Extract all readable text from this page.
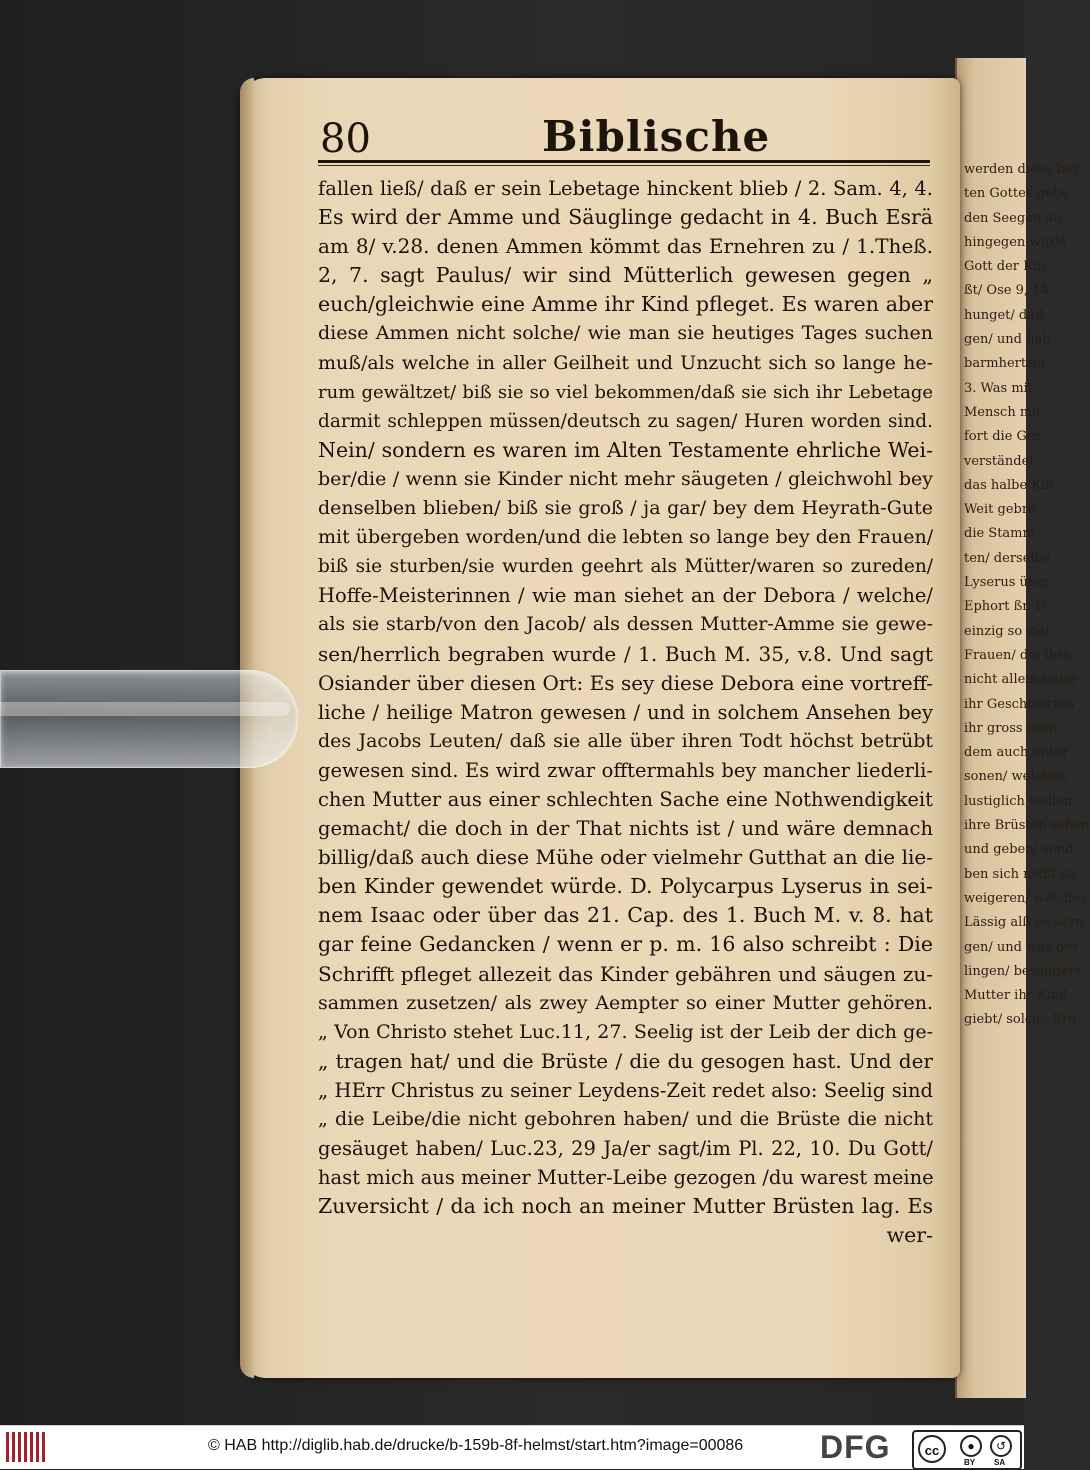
werden diese bey
ten Gottes gebe
den Seegen an
hingegen wirds
Gott der Kin
ßt/ Ose 9, 14
hunget/ daß
gen/ und hab
barmhertzig
3. Was mit
Mensch mit
fort die Ges
verständet
das halbe Kin
Weit gebra
die Stamm
ten/ derselbe
Lyserus über
Ephort ßr. D
einzig so viel
Frauen/ die ihre
nicht allein unter
ihr Geschmerten
ihr gross thun
dem auch unter
sonen/ welchen
lustiglich wollen
ihre Brüsten sehen
und geben/ sond
ben sich nicht so
weigeren/ welches
Lässig alß es seyn
gen/ und was bey
lingen/ besonders
Mutter ihr Kind
giebt/ solche Brü
80	Biblische
fallen ließ/ daß er sein Lebetage hinckent blieb / 2. Sam. 4, 4.
Es wird der Amme und Säuglinge gedacht in 4. Buch Esrä
am 8/ v.28. denen Ammen kömmt das Ernehren zu / 1.Theß.
2, 7. sagt Paulus/ wir sind Mütterlich gewesen gegen „
euch/gleichwie eine Amme ihr Kind pfleget. Es waren aber
diese Ammen nicht solche/ wie man sie heutiges Tages suchen
muß/als welche in aller Geilheit und Unzucht sich so lange he-
rum gewältzet/ biß sie so viel bekommen/daß sie sich ihr Lebetage
darmit schleppen müssen/deutsch zu sagen/ Huren worden sind.
Nein/ sondern es waren im Alten Testamente ehrliche Wei-
ber/die / wenn sie Kinder nicht mehr säugeten / gleichwohl bey
denselben blieben/ biß sie groß / ja gar/ bey dem Heyrath-Gute
mit übergeben worden/und die lebten so lange bey den Frauen/
biß sie sturben/sie wurden geehrt als Mütter/waren so zureden/
Hoffe-Meisterinnen / wie man siehet an der Debora / welche/
als sie starb/von den Jacob/ als dessen Mutter-Amme sie gewe-
sen/herrlich begraben wurde / 1. Buch M. 35, v.8. Und sagt
Osiander über diesen Ort: Es sey diese Debora eine vortreff-
liche / heilige Matron gewesen / und in solchem Ansehen bey
des Jacobs Leuten/ daß sie alle über ihren Todt höchst betrübt
gewesen sind. Es wird zwar offtermahls bey mancher liederli-
chen Mutter aus einer schlechten Sache eine Nothwendigkeit
gemacht/ die doch in der That nichts ist / und wäre demnach
billig/daß auch diese Mühe oder vielmehr Gutthat an die lie-
ben Kinder gewendet würde. D. Polycarpus Lyserus in sei-
nem Isaac oder über das 21. Cap. des 1. Buch M. v. 8. hat
gar feine Gedancken / wenn er p. m. 16 also schreibt : Die
Schrifft pfleget allezeit das Kinder gebähren und säugen zu-
sammen zusetzen/ als zwey Aempter so einer Mutter gehören.
„ Von Christo stehet Luc.11, 27. Seelig ist der Leib der dich ge-
„ tragen hat/ und die Brüste / die du gesogen hast. Und der
„ HErr Christus zu seiner Leydens-Zeit redet also: Seelig sind
„ die Leibe/die nicht gebohren haben/ und die Brüste die nicht
gesäuget haben/ Luc.23, 29 Ja/er sagt/im Pl. 22, 10. Du Gott/
hast mich aus meiner Mutter-Leibe gezogen /du warest meine
Zuversicht / da ich noch an meiner Mutter Brüsten lag. Es
wer-
© HAB http://diglib.hab.de/drucke/b-159b-8f-helmst/start.htm?image=00086 DFG	cc	●	↺
BY SA
